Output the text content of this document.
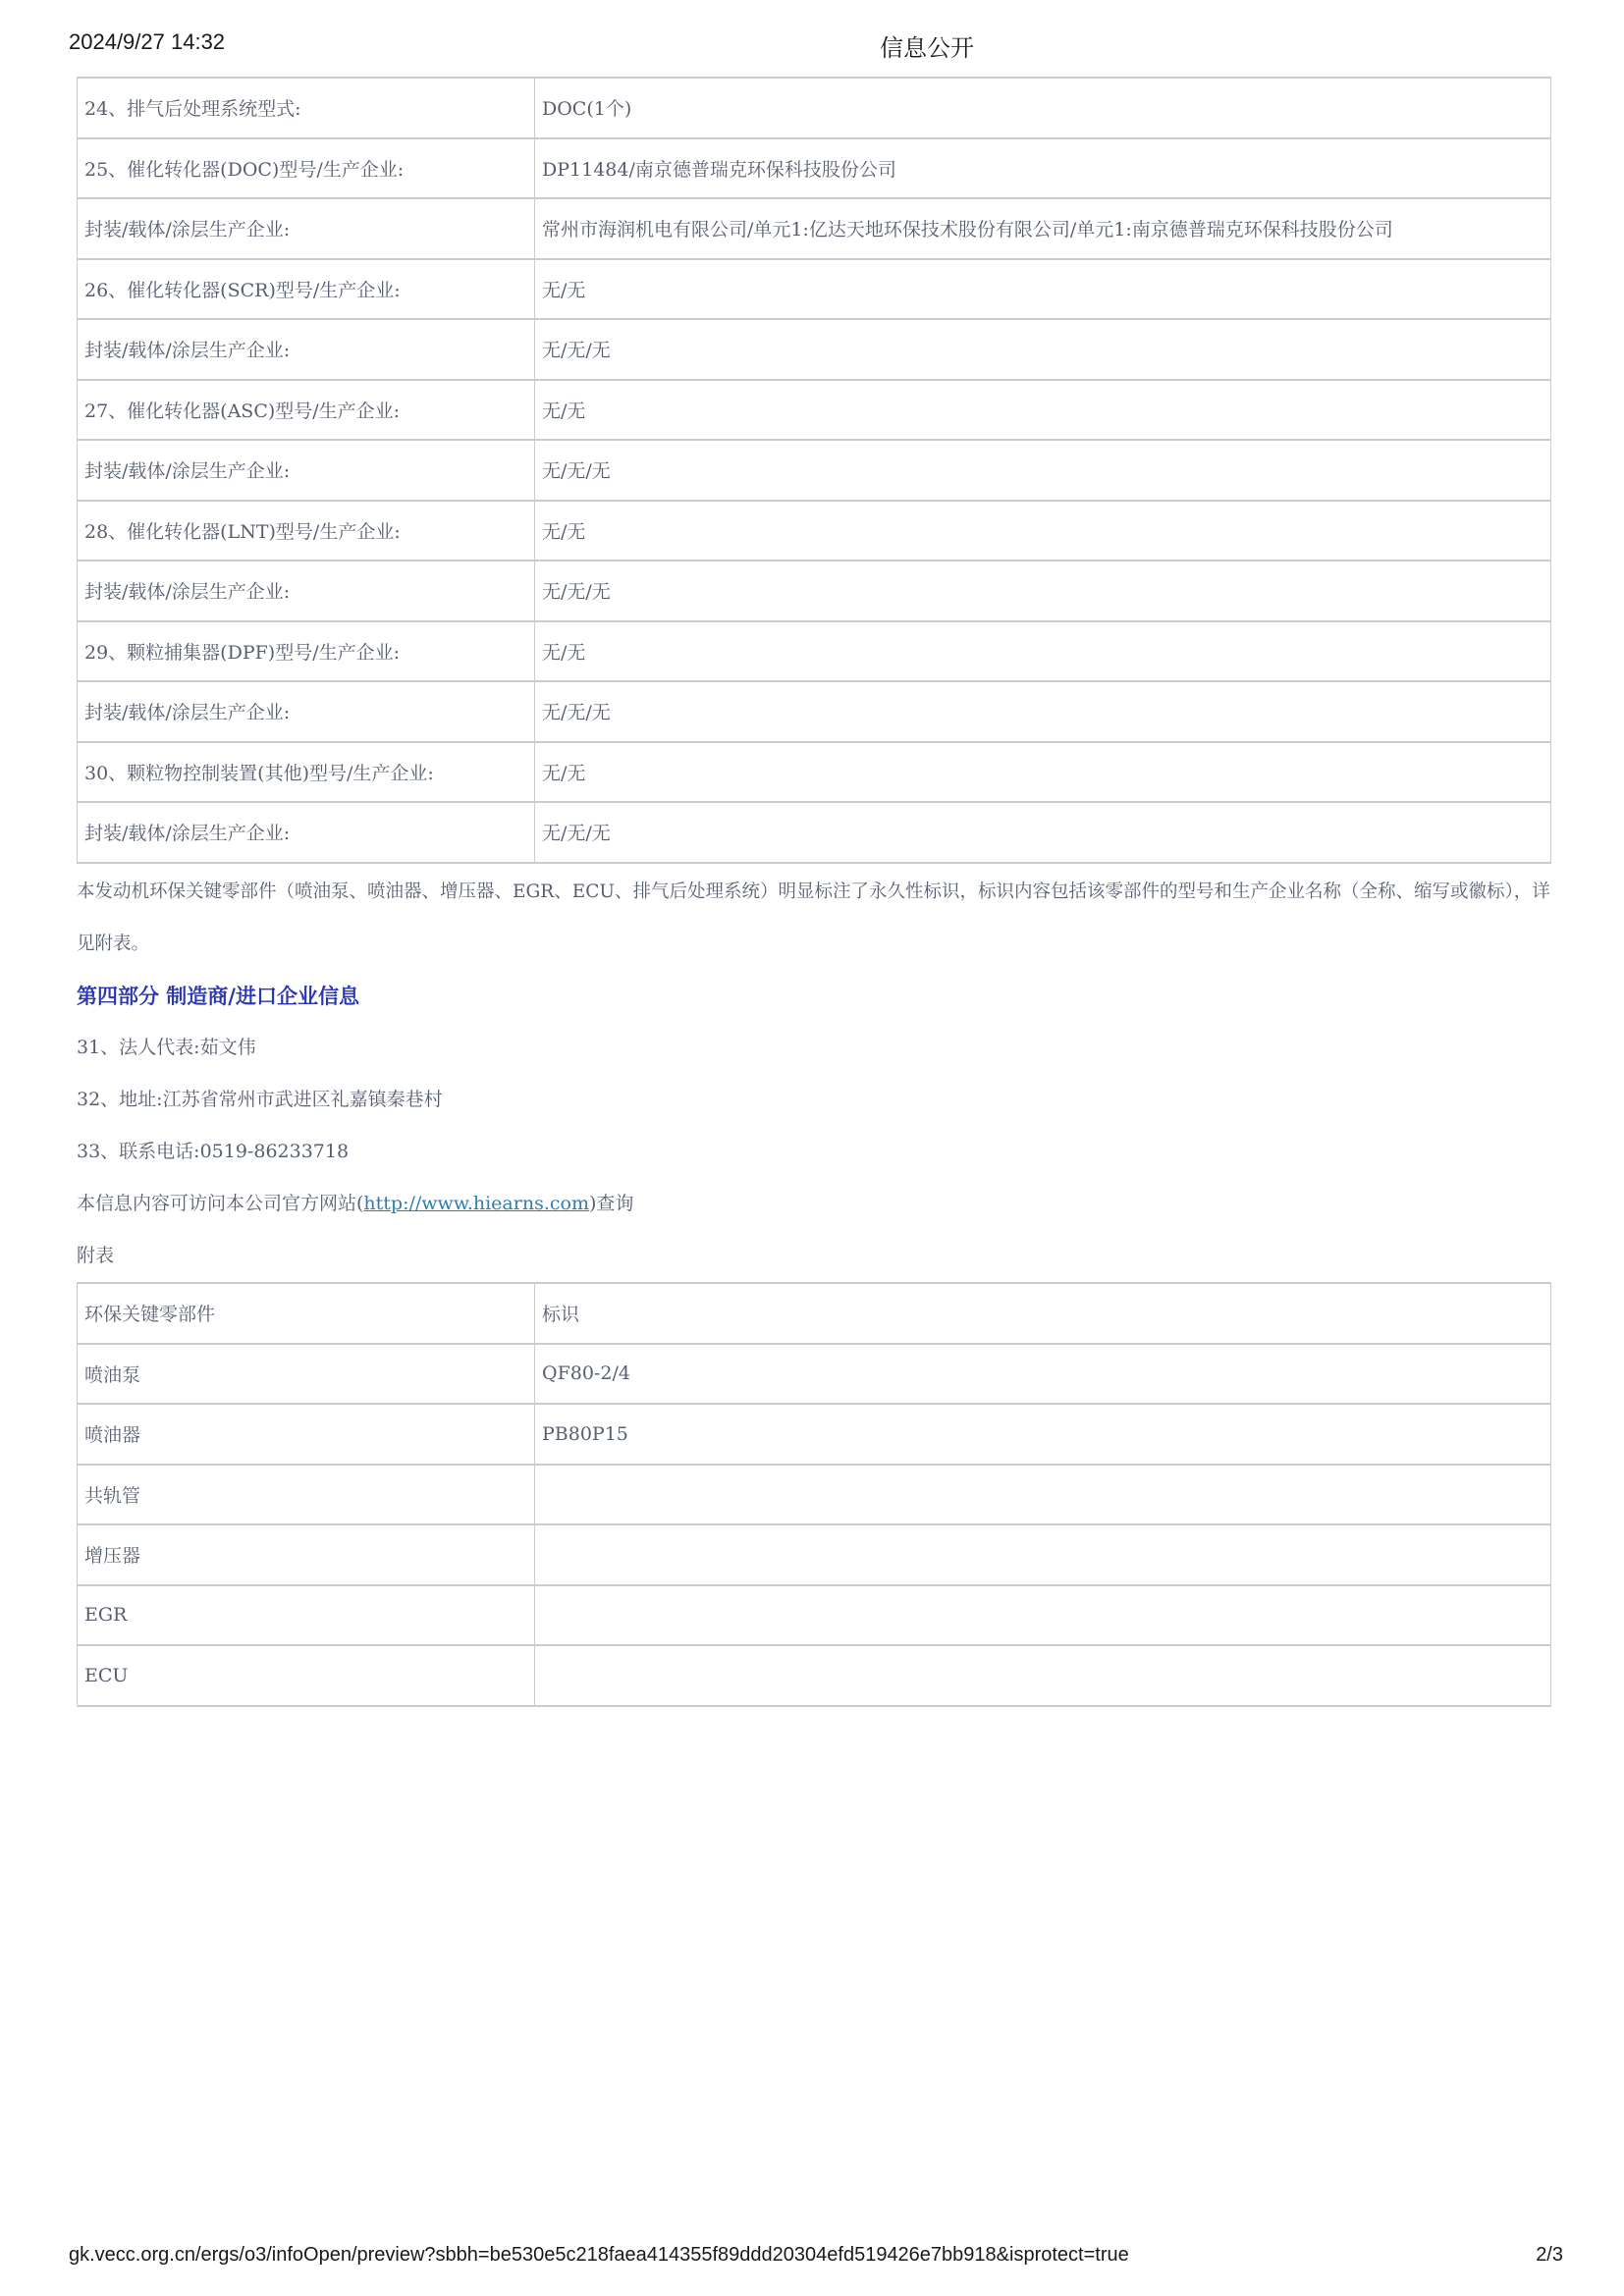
2024/9/27 14:32	信息公开
24、排气后处理系统型式:	DOC(1个)
25、催化转化器(DOC)型号/生产企业:	DP11484/南京德普瑞克环保科技股份公司
封装/载体/涂层生产企业:	常州市海润机电有限公司/单元1:亿达天地环保技术股份有限公司/单元1:南京德普瑞克环保科技股份公司
26、催化转化器(SCR)型号/生产企业:	无/无
封装/载体/涂层生产企业:	无/无/无
27、催化转化器(ASC)型号/生产企业:	无/无
封装/载体/涂层生产企业:	无/无/无
28、催化转化器(LNT)型号/生产企业:	无/无
封装/载体/涂层生产企业:	无/无/无
29、颗粒捕集器(DPF)型号/生产企业:	无/无
封装/载体/涂层生产企业:	无/无/无
30、颗粒物控制装置(其他)型号/生产企业:	无/无
封装/载体/涂层生产企业:	无/无/无
本发动机环保关键零部件（喷油泵、喷油器、增压器、EGR、ECU、排气后处理系统）明显标注了永久性标识，标识内容包括该零部件的型号和生产企业名称（全称、缩写或徽标），详见附表。
第四部分 制造商/进口企业信息
31、法人代表:茹文伟
32、地址:江苏省常州市武进区礼嘉镇秦巷村
33、联系电话:0519-86233718
本信息内容可访问本公司官方网站(http://www.hiearns.com)查询
附表
环保关键零部件	标识
喷油泵	QF80-2/4
喷油器	PB80P15
共轨管	
增压器	
EGR	
ECU	
gk.vecc.org.cn/ergs/o3/infoOpen/preview?sbbh=be530e5c218faea414355f89ddd20304efd519426e7bb918&isprotect=true	2/3
